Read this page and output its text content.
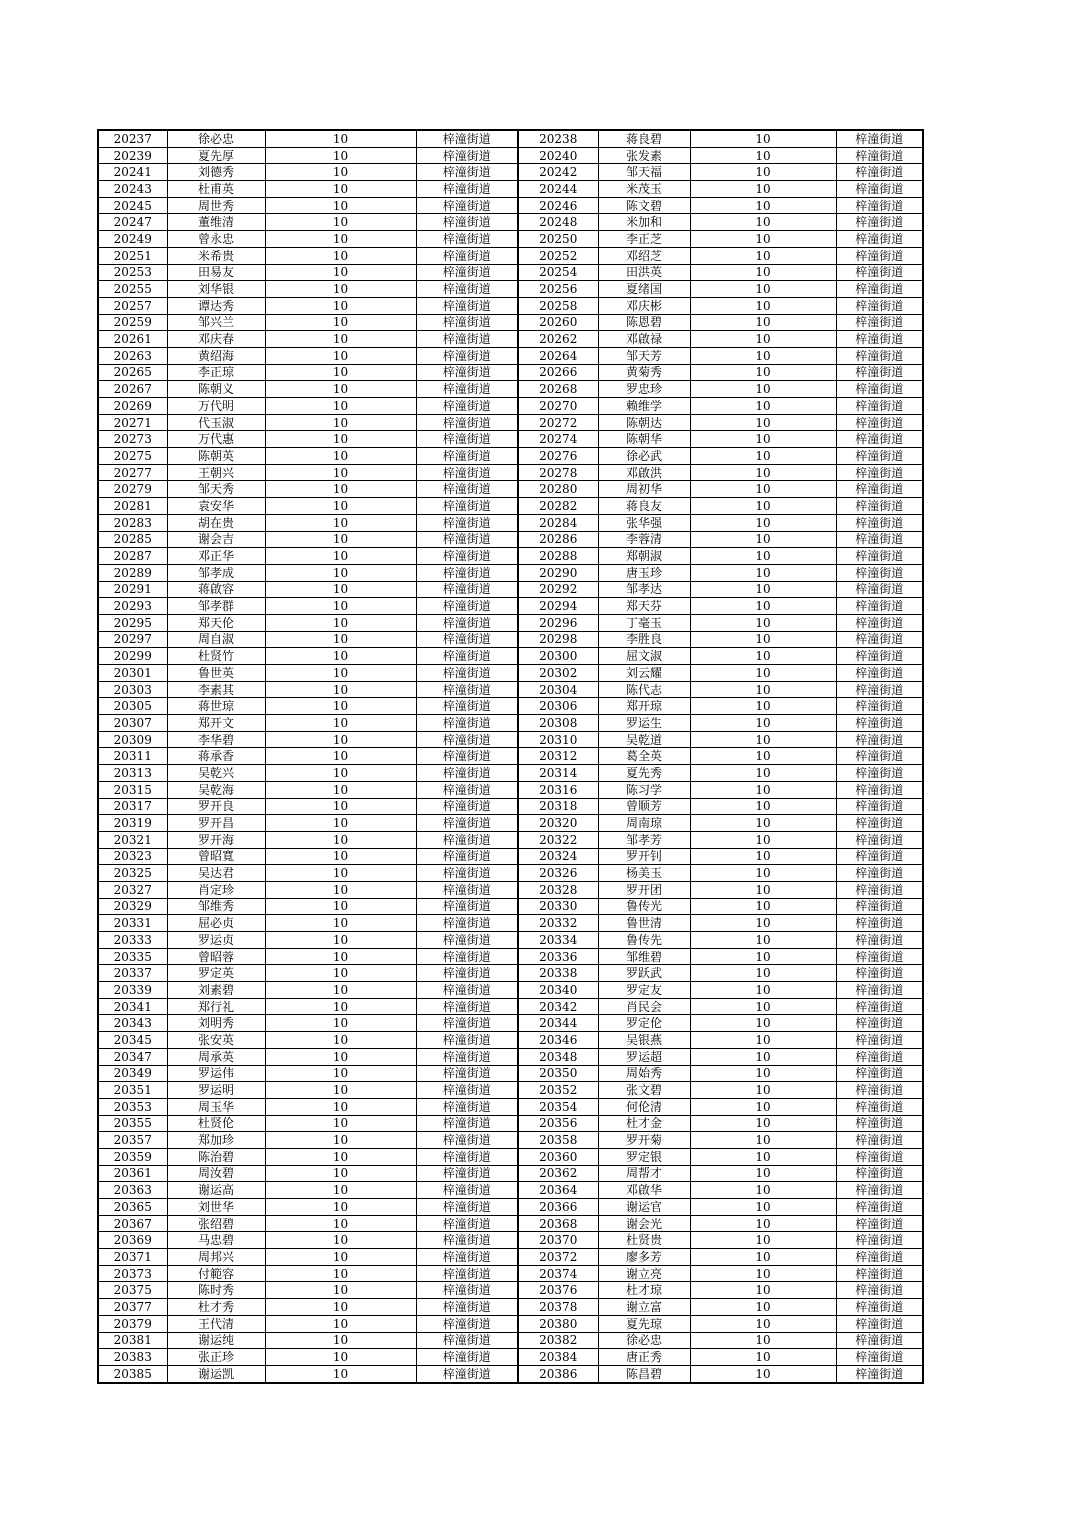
20237	徐必忠	10	梓潼街道	20238	蒋良碧	10	梓潼街道
20239	夏先厚	10	梓潼街道	20240	张发素	10	梓潼街道
20241	刘德秀	10	梓潼街道	20242	邹天福	10	梓潼街道
20243	杜甫英	10	梓潼街道	20244	米茂玉	10	梓潼街道
20245	周世秀	10	梓潼街道	20246	陈文碧	10	梓潼街道
20247	董维清	10	梓潼街道	20248	米加和	10	梓潼街道
20249	曾永忠	10	梓潼街道	20250	李正芝	10	梓潼街道
20251	米希贵	10	梓潼街道	20252	邓绍芝	10	梓潼街道
20253	田易友	10	梓潼街道	20254	田洪英	10	梓潼街道
20255	刘华银	10	梓潼街道	20256	夏绪国	10	梓潼街道
20257	谭达秀	10	梓潼街道	20258	邓庆彬	10	梓潼街道
20259	邹兴兰	10	梓潼街道	20260	陈恩碧	10	梓潼街道
20261	邓庆春	10	梓潼街道	20262	邓啟禄	10	梓潼街道
20263	黄绍海	10	梓潼街道	20264	邹天芳	10	梓潼街道
20265	李正琼	10	梓潼街道	20266	黄菊秀	10	梓潼街道
20267	陈朝义	10	梓潼街道	20268	罗忠珍	10	梓潼街道
20269	万代明	10	梓潼街道	20270	赖维学	10	梓潼街道
20271	代玉淑	10	梓潼街道	20272	陈朝达	10	梓潼街道
20273	万代惠	10	梓潼街道	20274	陈朝华	10	梓潼街道
20275	陈朝英	10	梓潼街道	20276	徐必武	10	梓潼街道
20277	王朝兴	10	梓潼街道	20278	邓啟洪	10	梓潼街道
20279	邹天秀	10	梓潼街道	20280	周初华	10	梓潼街道
20281	袁安华	10	梓潼街道	20282	蒋良友	10	梓潼街道
20283	胡在贵	10	梓潼街道	20284	张华强	10	梓潼街道
20285	谢会吉	10	梓潼街道	20286	李蓉清	10	梓潼街道
20287	邓正华	10	梓潼街道	20288	郑朝淑	10	梓潼街道
20289	邹孝成	10	梓潼街道	20290	唐玉珍	10	梓潼街道
20291	蒋啟容	10	梓潼街道	20292	邹孝达	10	梓潼街道
20293	邹孝群	10	梓潼街道	20294	郑天芬	10	梓潼街道
20295	郑天伦	10	梓潼街道	20296	丁毫玉	10	梓潼街道
20297	周自淑	10	梓潼街道	20298	李胜良	10	梓潼街道
20299	杜贤竹	10	梓潼街道	20300	屈文淑	10	梓潼街道
20301	鲁世英	10	梓潼街道	20302	刘云耀	10	梓潼街道
20303	李素其	10	梓潼街道	20304	陈代志	10	梓潼街道
20305	蒋世琼	10	梓潼街道	20306	郑开琼	10	梓潼街道
20307	郑开文	10	梓潼街道	20308	罗运生	10	梓潼街道
20309	李华碧	10	梓潼街道	20310	吴乾道	10	梓潼街道
20311	蒋承香	10	梓潼街道	20312	葛全英	10	梓潼街道
20313	吴乾兴	10	梓潼街道	20314	夏先秀	10	梓潼街道
20315	吴乾海	10	梓潼街道	20316	陈习学	10	梓潼街道
20317	罗开良	10	梓潼街道	20318	曾顺芳	10	梓潼街道
20319	罗开昌	10	梓潼街道	20320	周南琼	10	梓潼街道
20321	罗开海	10	梓潼街道	20322	邹孝芳	10	梓潼街道
20323	曾昭寬	10	梓潼街道	20324	罗开钊	10	梓潼街道
20325	吴达君	10	梓潼街道	20326	杨美玉	10	梓潼街道
20327	肖定珍	10	梓潼街道	20328	罗开团	10	梓潼街道
20329	邹维秀	10	梓潼街道	20330	鲁传光	10	梓潼街道
20331	屈必贞	10	梓潼街道	20332	鲁世清	10	梓潼街道
20333	罗运贞	10	梓潼街道	20334	鲁传先	10	梓潼街道
20335	曾昭蓉	10	梓潼街道	20336	邹维碧	10	梓潼街道
20337	罗定英	10	梓潼街道	20338	罗跃武	10	梓潼街道
20339	刘素碧	10	梓潼街道	20340	罗定友	10	梓潼街道
20341	郑行礼	10	梓潼街道	20342	肖民会	10	梓潼街道
20343	刘明秀	10	梓潼街道	20344	罗定伦	10	梓潼街道
20345	张安英	10	梓潼街道	20346	吴银燕	10	梓潼街道
20347	周承英	10	梓潼街道	20348	罗运超	10	梓潼街道
20349	罗运伟	10	梓潼街道	20350	周始秀	10	梓潼街道
20351	罗运明	10	梓潼街道	20352	张文碧	10	梓潼街道
20353	周玉华	10	梓潼街道	20354	何伦清	10	梓潼街道
20355	杜贤伦	10	梓潼街道	20356	杜才金	10	梓潼街道
20357	郑加珍	10	梓潼街道	20358	罗开菊	10	梓潼街道
20359	陈治碧	10	梓潼街道	20360	罗定银	10	梓潼街道
20361	周汝碧	10	梓潼街道	20362	周帮才	10	梓潼街道
20363	谢运高	10	梓潼街道	20364	邓啟华	10	梓潼街道
20365	刘世华	10	梓潼街道	20366	谢运官	10	梓潼街道
20367	张绍碧	10	梓潼街道	20368	谢会光	10	梓潼街道
20369	马忠碧	10	梓潼街道	20370	杜贤贵	10	梓潼街道
20371	周邦兴	10	梓潼街道	20372	廖多芳	10	梓潼街道
20373	付範容	10	梓潼街道	20374	谢立亮	10	梓潼街道
20375	陈时秀	10	梓潼街道	20376	杜才琼	10	梓潼街道
20377	杜才秀	10	梓潼街道	20378	谢立富	10	梓潼街道
20379	王代清	10	梓潼街道	20380	夏先琼	10	梓潼街道
20381	谢运纯	10	梓潼街道	20382	徐必忠	10	梓潼街道
20383	张正珍	10	梓潼街道	20384	唐正秀	10	梓潼街道
20385	谢运凯	10	梓潼街道	20386	陈昌碧	10	梓潼街道
